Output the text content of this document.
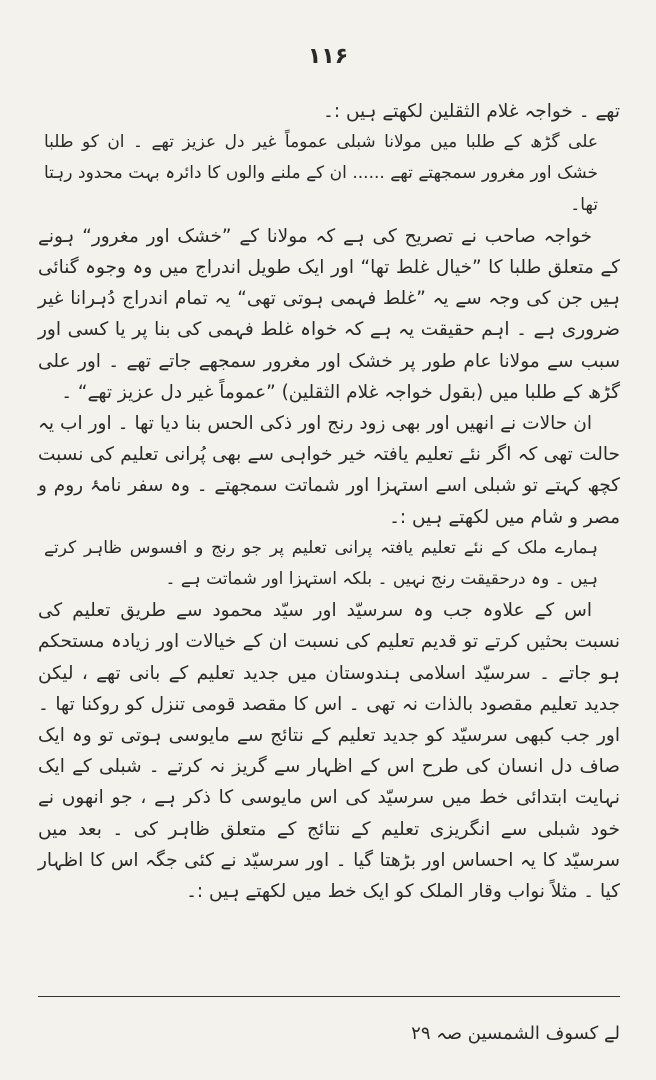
۱۱۶

تھے ۔ خواجہ غلام الثقلین لکھتے ہیں :۔

علی گڑھ کے طلبا میں مولانا شبلی عموماً غیر دل عزیز تھے ۔ ان کو طلبا خشک اور مغرور سمجھتے تھے ...... ان کے ملنے والوں کا دائرہ بہت محدود رہتا تھا۔

خواجہ صاحب نے تصریح کی ہے کہ مولانا کے ”خشک اور مغرور“ ہونے کے متعلق طلبا کا ”خیال غلط تھا“ اور ایک طویل اندراج میں وہ وجوہ گنائی ہیں جن کی وجہ سے یہ ”غلط فہمی ہوتی تھی“ یہ تمام اندراج دُہرانا غیر ضروری ہے ۔ اہم حقیقت یہ ہے کہ خواہ غلط فہمی کی بنا پر یا کسی اور سبب سے مولانا عام طور پر خشک اور مغرور سمجھے جاتے تھے ۔ اور علی گڑھ کے طلبا میں (بقول خواجہ غلام الثقلین) ”عموماً غیر دل عزیز تھے“ ۔

ان حالات نے انھیں اور بھی زود رنج اور ذکی الحس بنا دیا تھا ۔ اور اب یہ حالت تھی کہ اگر نئے تعلیم یافتہ خیر خواہی سے بھی پُرانی تعلیم کی نسبت کچھ کہتے تو شبلی اسے استہزا اور شماتت سمجھتے ۔ وہ سفر نامۂ روم و مصر و شام میں لکھتے ہیں :۔

ہمارے ملک کے نئے تعلیم یافتہ پرانی تعلیم پر جو رنج و افسوس ظاہر کرتے ہیں ۔ وہ درحقیقت رنج نہیں ۔ بلکہ استہزا اور شماتت ہے ۔

اس کے علاوہ جب وہ سرسیّد اور سیّد محمود سے طریق تعلیم کی نسبت بحثیں کرتے تو قدیم تعلیم کی نسبت ان کے خیالات اور زیادہ مستحکم ہو جاتے ۔ سرسیّد اسلامی ہندوستان میں جدید تعلیم کے بانی تھے ، لیکن جدید تعلیم مقصود بالذات نہ تھی ۔ اس کا مقصد قومی تنزل کو روکنا تھا ۔ اور جب کبھی سرسیّد کو جدید تعلیم کے نتائج سے مایوسی ہوتی تو وہ ایک صاف دل انسان کی طرح اس کے اظہار سے گریز نہ کرتے ۔ شبلی کے ایک نہایت ابتدائی خط میں سرسیّد کی اس مایوسی کا ذکر ہے ، جو انھوں نے خود شبلی سے انگریزی تعلیم کے نتائج کے متعلق ظاہر کی ۔ بعد میں سرسیّد کا یہ احساس اور بڑھتا گیا ۔ اور سرسیّد نے کئی جگہ اس کا اظہار کیا ۔ مثلاً نواب وقار الملک کو ایک خط میں لکھتے ہیں :۔

لے کسوف الشمسین صہ ۲۹
